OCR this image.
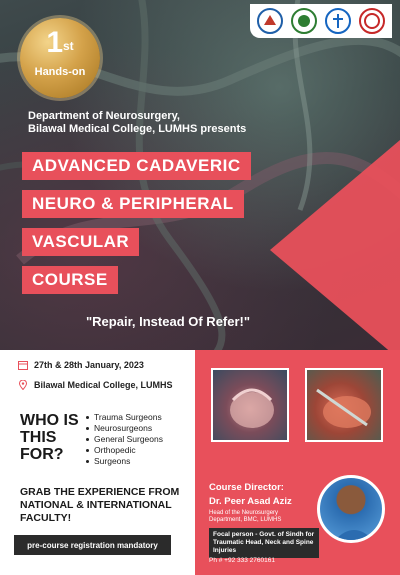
1st
Hands-on
Department of Neurosurgery,
Bilawal Medical College, LUMHS presents
ADVANCED CADAVERIC
NEURO & PERIPHERAL
VASCULAR
COURSE
"Repair, Instead Of Refer!"
27th & 28th January, 2023
Bilawal Medical College, LUMHS
WHO IS
THIS
FOR?
Trauma Surgeons
Neurosurgeons
General Surgeons
Orthopedic
Surgeons
GRAB THE EXPERIENCE FROM
NATIONAL & INTERNATIONAL
FACULTY!
pre-course registration mandatory
Course Director:
Dr. Peer Asad Aziz
Head of the Neurosurgery
Department, BMC, LUMHS
Focal person - Govt. of Sindh for
Traumatic Head, Neck and Spine
Injuries
Ph # +92 333 2760161
